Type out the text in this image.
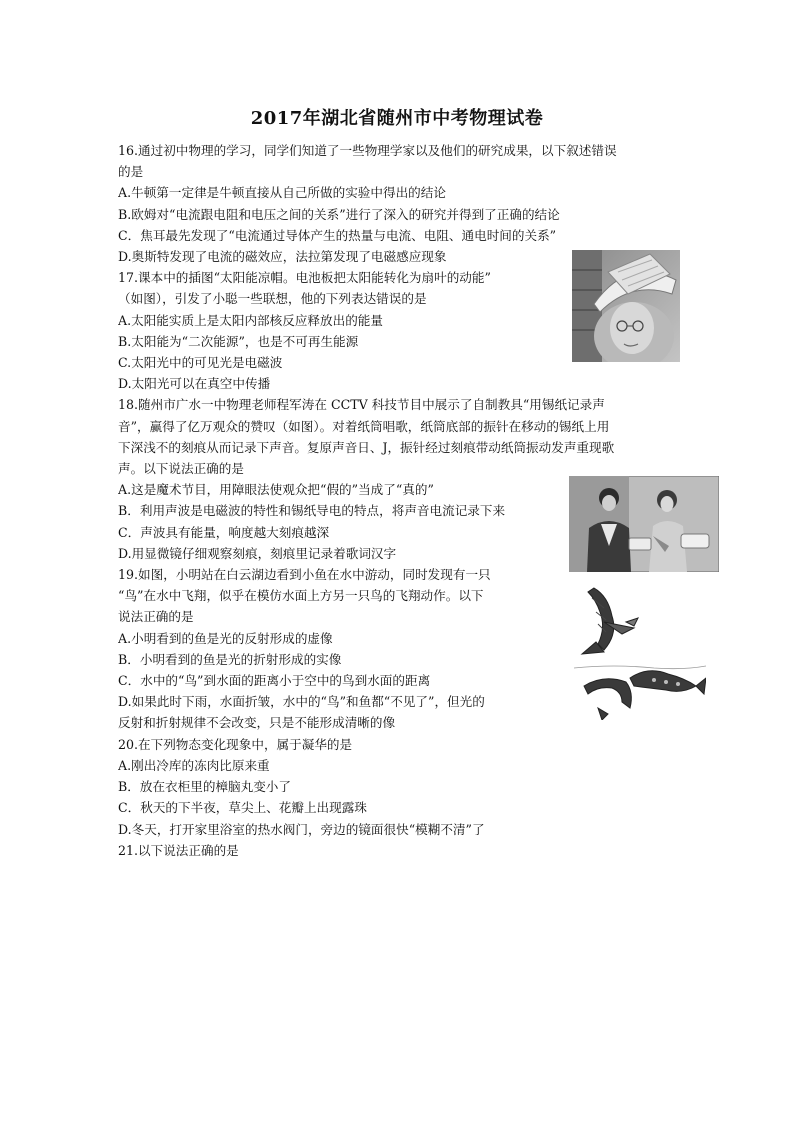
2017年湖北省随州市中考物理试卷
16.通过初中物理的学习，同学们知道了一些物理学家以及他们的研究成果，以下叙述错误
的是
A.牛顿第一定律是牛顿直接从自己所做的实验中得出的结论
B.欧姆对“电流跟电阻和电压之间的关系”进行了深入的研究并得到了正确的结论
C．焦耳最先发现了“电流通过导体产生的热量与电流、电阻、通电时间的关系”
D.奥斯特发现了电流的磁效应，法拉第发现了电磁感应现象
17.课本中的插图“太阳能凉帽。电池板把太阳能转化为扇叶的动能”
（如图），引发了小聪一些联想，他的下列表达错误的是
A.太阳能实质上是太阳内部核反应释放出的能量
B.太阳能为“二次能源”，也是不可再生能源
C.太阳光中的可见光是电磁波
D.太阳光可以在真空中传播
18.随州市广水一中物理老师程军涛在 CCTV 科技节目中展示了自制教具“用锡纸记录声
音”，赢得了亿万观众的赞叹（如图）。对着纸筒唱歌，纸筒底部的振针在移动的锡纸上用
下深浅不的刻痕从而记录下声音。复原声音日、J，振针经过刻痕带动纸筒振动发声重现歌
声。以下说法正确的是
A.这是魔术节目，用障眼法使观众把“假的”当成了“真的”
B．利用声波是电磁波的特性和锡纸导电的特点，将声音电流记录下来
C．声波具有能量，响度越大刻痕越深
D.用显微镜仔细观察刻痕，刻痕里记录着歌词汉字
19.如图，小明站在白云湖边看到小鱼在水中游动，同时发现有一只
“鸟”在水中飞翔，似乎在模仿水面上方另一只鸟的飞翔动作。以下
说法正确的是
A.小明看到的鱼是光的反射形成的虚像
B．小明看到的鱼是光的折射形成的实像
C．水中的“鸟”到水面的距离小于空中的鸟到水面的距离
D.如果此时下雨，水面折皱，水中的“鸟”和鱼都“不见了”，但光的
反射和折射规律不会改变，只是不能形成清晰的像
20.在下列物态变化现象中，属于凝华的是
A.刚出冷库的冻肉比原来重
B．放在衣柜里的樟脑丸变小了
C．秋天的下半夜，草尖上、花瓣上出现露珠
D.冬天，打开家里浴室的热水阀门，旁边的镜面很快“模糊不清”了
21.以下说法正确的是
